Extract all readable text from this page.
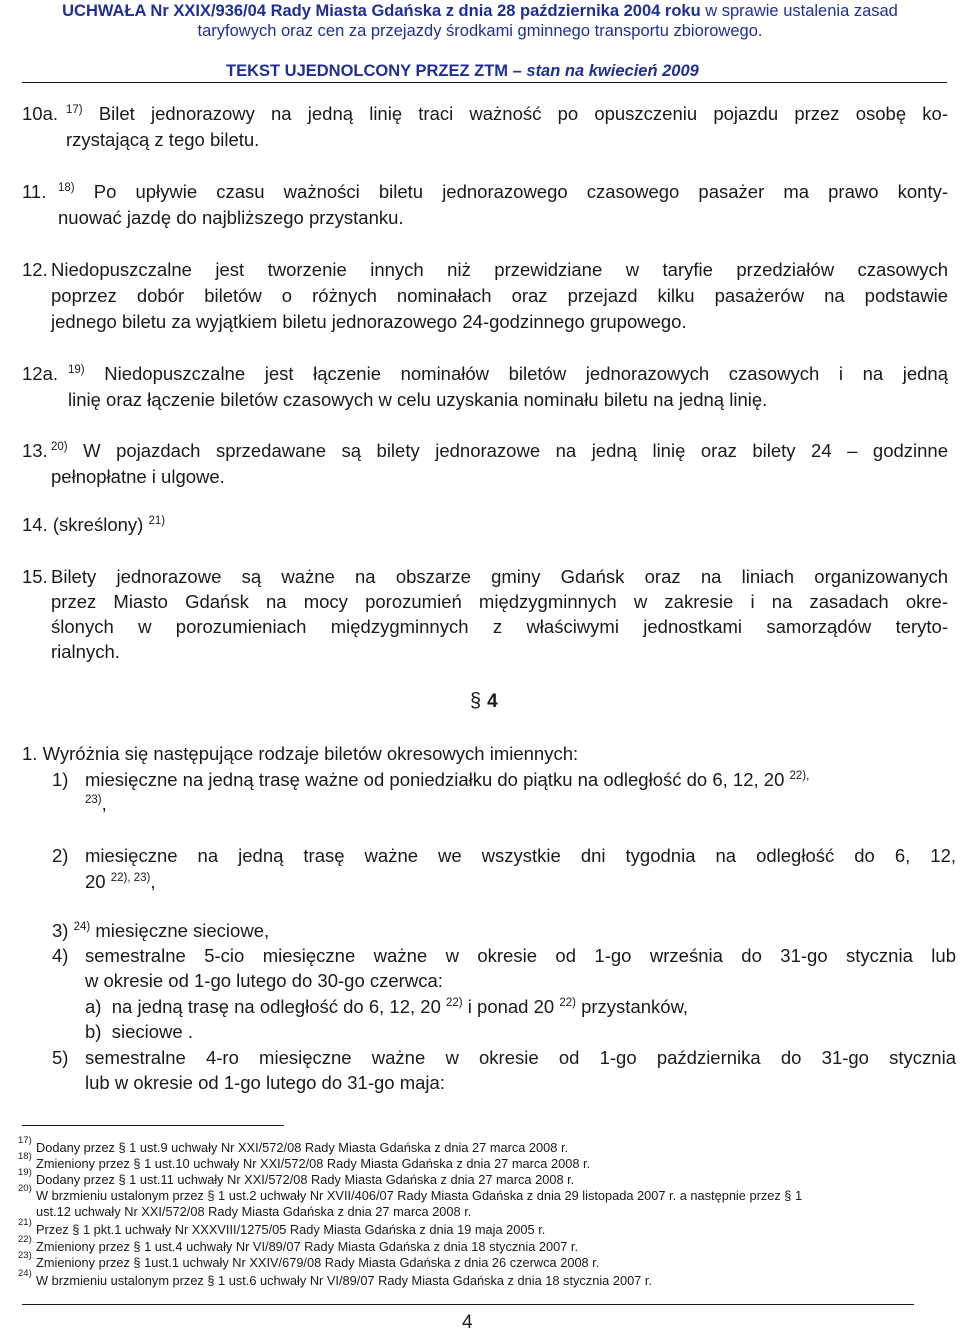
UCHWAŁA Nr XXIX/936/04 Rady Miasta Gdańska z dnia 28 października 2004 roku w sprawie ustalenia zasad
taryfowych oraz cen za przejazdy środkami gminnego transportu zbiorowego.
TEKST UJEDNOLCONY PRZEZ ZTM – stan na kwiecień 2009
10a. $^{17)}$ Bilet jednorazowy na jedną linię traci ważność po opuszczeniu pojazdu przez osobę ko-
rzystającą z tego biletu.
11. $^{18)}$ Po upływie czasu ważności biletu jednorazowego czasowego pasażer ma prawo konty-
nuować jazdę do najbliższego przystanku.
12. Niedopuszczalne jest tworzenie innych niż przewidziane w taryfie przedziałów czasowych
poprzez dobór biletów o różnych nominałach oraz przejazd kilku pasażerów na podstawie
jednego biletu za wyjątkiem biletu jednorazowego 24-godzinnego grupowego.
12a. $^{19)}$ Niedopuszczalne jest łączenie nominałów biletów jednorazowych czasowych i na jedną
linię oraz łączenie biletów czasowych w celu uzyskania nominału biletu na jedną linię.
13. $^{20)}$ W pojazdach sprzedawane są bilety jednorazowe na jedną linię oraz bilety 24 – godzinne
pełnopłatne i ulgowe.
14. (skreślony) $^{21)}$
15. Bilety jednorazowe są ważne na obszarze gminy Gdańsk oraz na liniach organizowanych
przez Miasto Gdańsk na mocy porozumień międzygminnych w zakresie i na zasadach okre-
ślonych w porozumieniach międzygminnych z właściwymi jednostkami samorządów teryto-
rialnych.
§ 4
1. Wyróżnia się następujące rodzaje biletów okresowych imiennych:
1) miesięczne na jedną trasę ważne od poniedziałku do piątku na odległość do 6, 12, 20 $^{22),}$
$^{23)}$,
2) miesięczne na jedną trasę ważne we wszystkie dni tygodnia na odległość do 6, 12,
20 $^{22), 23)}$,
3) $^{24)}$ miesięczne sieciowe,
4) semestralne 5-cio miesięczne ważne w okresie od 1-go września do 31-go stycznia lub
w okresie od 1-go lutego do 30-go czerwca:
a) na jedną trasę na odległość do 6, 12, 20 $^{22)}$ i ponad 20 $^{22)}$ przystanków,
b) sieciowe .
5) semestralne 4-ro miesięczne ważne w okresie od 1-go października do 31-go stycznia
lub w okresie od 1-go lutego do 31-go maja:
17) Dodany przez § 1 ust.9 uchwały Nr XXI/572/08 Rady Miasta Gdańska z dnia 27 marca 2008 r.
18) Zmieniony przez § 1 ust.10 uchwały Nr XXI/572/08 Rady Miasta Gdańska z dnia 27 marca 2008 r.
19) Dodany przez § 1 ust.11 uchwały Nr XXI/572/08 Rady Miasta Gdańska z dnia 27 marca 2008 r.
20) W brzmieniu ustalonym przez § 1 ust.2 uchwały Nr XVII/406/07 Rady Miasta Gdańska z dnia 29 listopada 2007 r. a następnie przez § 1
ust.12 uchwały Nr XXI/572/08 Rady Miasta Gdańska z dnia 27 marca 2008 r.
21) Przez § 1 pkt.1 uchwały Nr XXXVIII/1275/05 Rady Miasta Gdańska z dnia 19 maja 2005 r.
22) Zmieniony przez § 1 ust.4 uchwały Nr VI/89/07 Rady Miasta Gdańska z dnia 18 stycznia 2007 r.
23) Zmieniony przez § 1ust.1 uchwały Nr XXIV/679/08 Rady Miasta Gdańska z dnia 26 czerwca 2008 r.
24) W brzmieniu ustalonym przez § 1 ust.6 uchwały Nr VI/89/07 Rady Miasta Gdańska z dnia 18 stycznia 2007 r.
4
